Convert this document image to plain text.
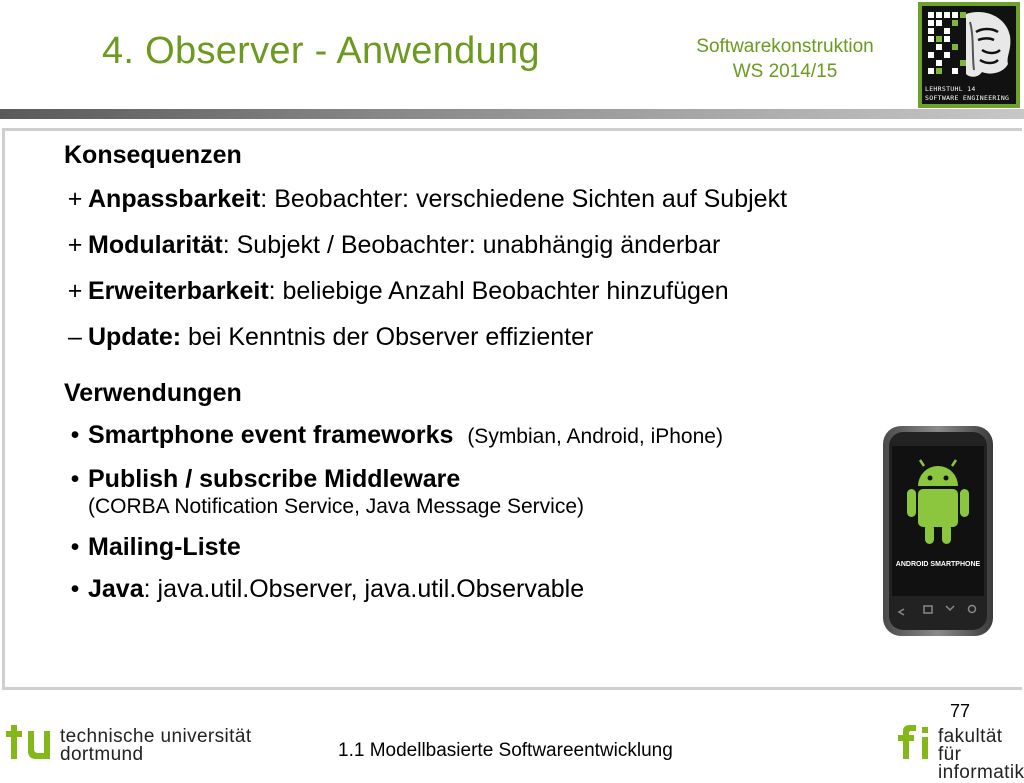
4. Observer - Anwendung	Softwarekonstruktion
WS 2014/15
LEHRSTUHL 14
SOFTWARE ENGINEERING
Konsequenzen
+ Anpassbarkeit: Beobachter: verschiedene Sichten auf Subjekt
+ Modularität: Subjekt / Beobachter: unabhängig änderbar
+ Erweiterbarkeit: beliebige Anzahl Beobachter hinzufügen
– Update: bei Kenntnis der Observer effizienter
Verwendungen
• Smartphone event frameworks (Symbian, Android, iPhone)
• Publish / subscribe Middleware
(CORBA Notification Service, Java Message Service)
• Mailing-Liste
• Java: java.util.Observer, java.util.Observable
ANDROID SMARTPHONE
77
1.1 Modellbasierte Softwareentwicklung
technische universität
dortmund
fakultät für
informatik
